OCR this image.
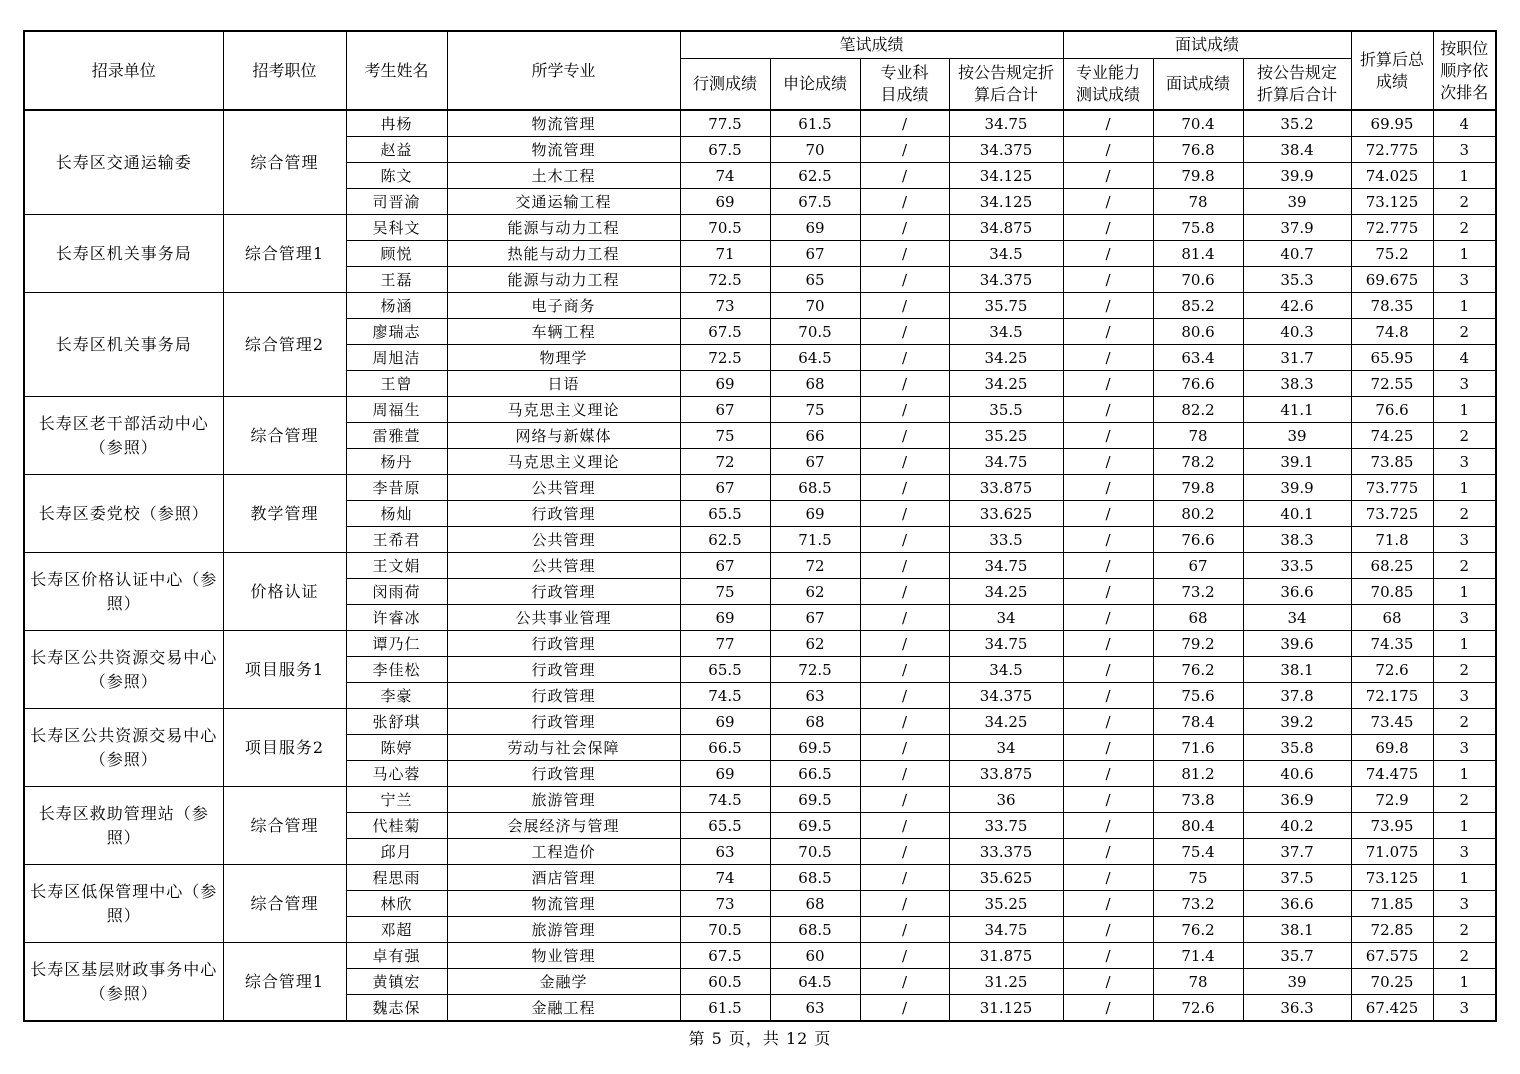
招录单位	招考职位	考生姓名	所学专业	笔试成绩				面试成绩			折算后总成绩	按职位顺序依次排名
				行测成绩	申论成绩	专业科目成绩	按公告规定折算后合计	专业能力测试成绩	面试成绩	按公告规定折算后合计		
长寿区交通运输委	综合管理	冉杨	物流管理	77.5	61.5	/	34.75	/	70.4	35.2	69.95	4
		赵益	物流管理	67.5	70	/	34.375	/	76.8	38.4	72.775	3
		陈文	土木工程	74	62.5	/	34.125	/	79.8	39.9	74.025	1
		司晋渝	交通运输工程	69	67.5	/	34.125	/	78	39	73.125	2
长寿区机关事务局	综合管理1	吴科文	能源与动力工程	70.5	69	/	34.875	/	75.8	37.9	72.775	2
		顾悦	热能与动力工程	71	67	/	34.5	/	81.4	40.7	75.2	1
		王磊	能源与动力工程	72.5	65	/	34.375	/	70.6	35.3	69.675	3
长寿区机关事务局	综合管理2	杨涵	电子商务	73	70	/	35.75	/	85.2	42.6	78.35	1
		廖瑞志	车辆工程	67.5	70.5	/	34.5	/	80.6	40.3	74.8	2
		周旭洁	物理学	72.5	64.5	/	34.25	/	63.4	31.7	65.95	4
		王曾	日语	69	68	/	34.25	/	76.6	38.3	72.55	3
长寿区老干部活动中心（参照）	综合管理	周福生	马克思主义理论	67	75	/	35.5	/	82.2	41.1	76.6	1
		雷雅萱	网络与新媒体	75	66	/	35.25	/	78	39	74.25	2
		杨丹	马克思主义理论	72	67	/	34.75	/	78.2	39.1	73.85	3
长寿区委党校（参照）	教学管理	李昔原	公共管理	67	68.5	/	33.875	/	79.8	39.9	73.775	1
		杨灿	行政管理	65.5	69	/	33.625	/	80.2	40.1	73.725	2
		王希君	公共管理	62.5	71.5	/	33.5	/	76.6	38.3	71.8	3
长寿区价格认证中心（参照）	价格认证	王文娟	公共管理	67	72	/	34.75	/	67	33.5	68.25	2
		闵雨荷	行政管理	75	62	/	34.25	/	73.2	36.6	70.85	1
		许睿冰	公共事业管理	69	67	/	34	/	68	34	68	3
长寿区公共资源交易中心（参照）	项目服务1	谭乃仁	行政管理	77	62	/	34.75	/	79.2	39.6	74.35	1
		李佳松	行政管理	65.5	72.5	/	34.5	/	76.2	38.1	72.6	2
		李豪	行政管理	74.5	63	/	34.375	/	75.6	37.8	72.175	3
长寿区公共资源交易中心（参照）	项目服务2	张舒琪	行政管理	69	68	/	34.25	/	78.4	39.2	73.45	2
		陈婷	劳动与社会保障	66.5	69.5	/	34	/	71.6	35.8	69.8	3
		马心蓉	行政管理	69	66.5	/	33.875	/	81.2	40.6	74.475	1
长寿区救助管理站（参照）	综合管理	宁兰	旅游管理	74.5	69.5	/	36	/	73.8	36.9	72.9	2
		代桂菊	会展经济与管理	65.5	69.5	/	33.75	/	80.4	40.2	73.95	1
		邱月	工程造价	63	70.5	/	33.375	/	75.4	37.7	71.075	3
长寿区低保管理中心（参照）	综合管理	程思雨	酒店管理	74	68.5	/	35.625	/	75	37.5	73.125	1
		林欣	物流管理	73	68	/	35.25	/	73.2	36.6	71.85	3
		邓超	旅游管理	70.5	68.5	/	34.75	/	76.2	38.1	72.85	2
长寿区基层财政事务中心（参照）	综合管理1	卓有强	物业管理	67.5	60	/	31.875	/	71.4	35.7	67.575	2
		黄镇宏	金融学	60.5	64.5	/	31.25	/	78	39	70.25	1
		魏志保	金融工程	61.5	63	/	31.125	/	72.6	36.3	67.425	3
第 5 页，共 12 页
